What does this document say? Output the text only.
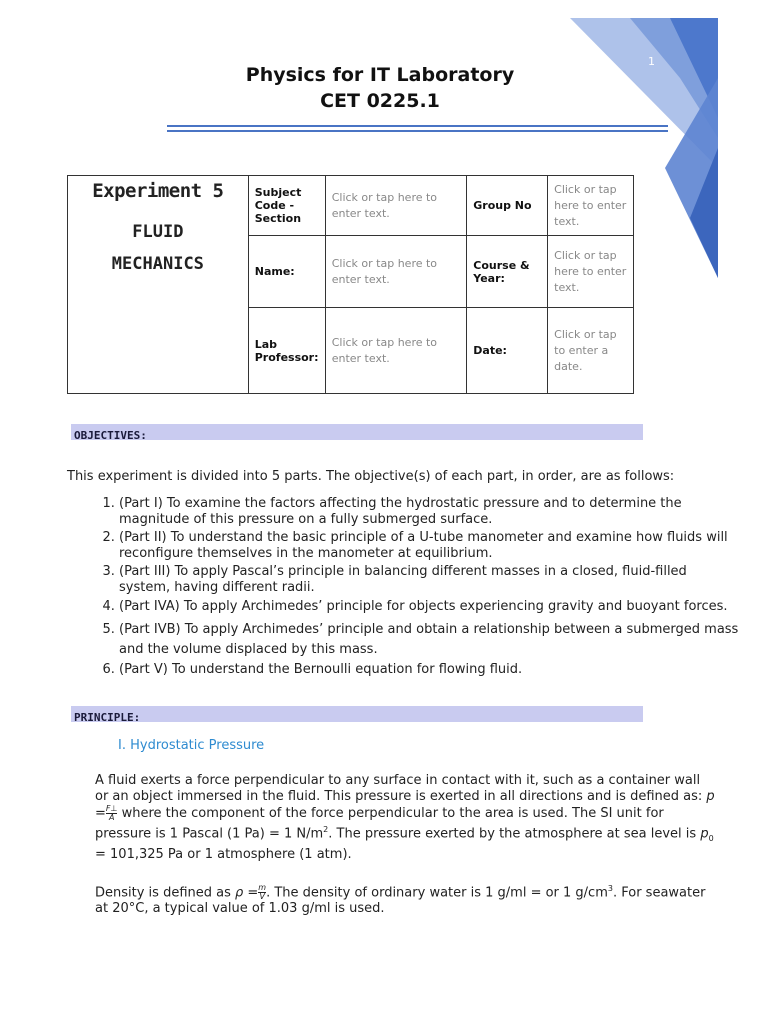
1
Physics for IT Laboratory
CET 0225.1
Experiment 5
FLUID
MECHANICS	Subject Code - Section	Click or tap here to enter text.	Group No	Click or tap here to enter text.
	Name:	Click or tap here to enter text.	Course & Year:	Click or tap here to enter text.
	Lab Professor:	Click or tap here to enter text.	Date:	Click or tap to enter a date.
OBJECTIVES:
This experiment is divided into 5 parts. The objective(s) of each part, in order, are as follows:
1. (Part I) To examine the factors affecting the hydrostatic pressure and to determine the magnitude of this pressure on a fully submerged surface.
2. (Part II) To understand the basic principle of a U-tube manometer and examine how fluids will reconfigure themselves in the manometer at equilibrium.
3. (Part III) To apply Pascal’s principle in balancing different masses in a closed, fluid-filled system, having different radii.
4. (Part IVA) To apply Archimedes’ principle for objects experiencing gravity and buoyant forces.
5. (Part IVB) To apply Archimedes’ principle and obtain a relationship between a submerged mass and the volume displaced by this mass.
6. (Part V) To understand the Bernoulli equation for flowing fluid.
PRINCIPLE:
I. Hydrostatic Pressure
A fluid exerts a force perpendicular to any surface in contact with it, such as a container wall or an object immersed in the fluid. This pressure is exerted in all directions and is defined as: $p = \frac{F\perp}{A}$ where the component of the force perpendicular to the area is used. The SI unit for pressure is 1 Pascal (1 Pa) = 1 $N/m^2$. The pressure exerted by the atmosphere at sea level is $p_0 = 101,325$ Pa or 1 atmosphere (1 atm).
Density is defined as $\rho = \frac{m}{V}$ . The density of ordinary water is 1 g/ml = or 1 $g/cm^3$. For seawater at 20°C, a typical value of 1.03 g/ml is used.
